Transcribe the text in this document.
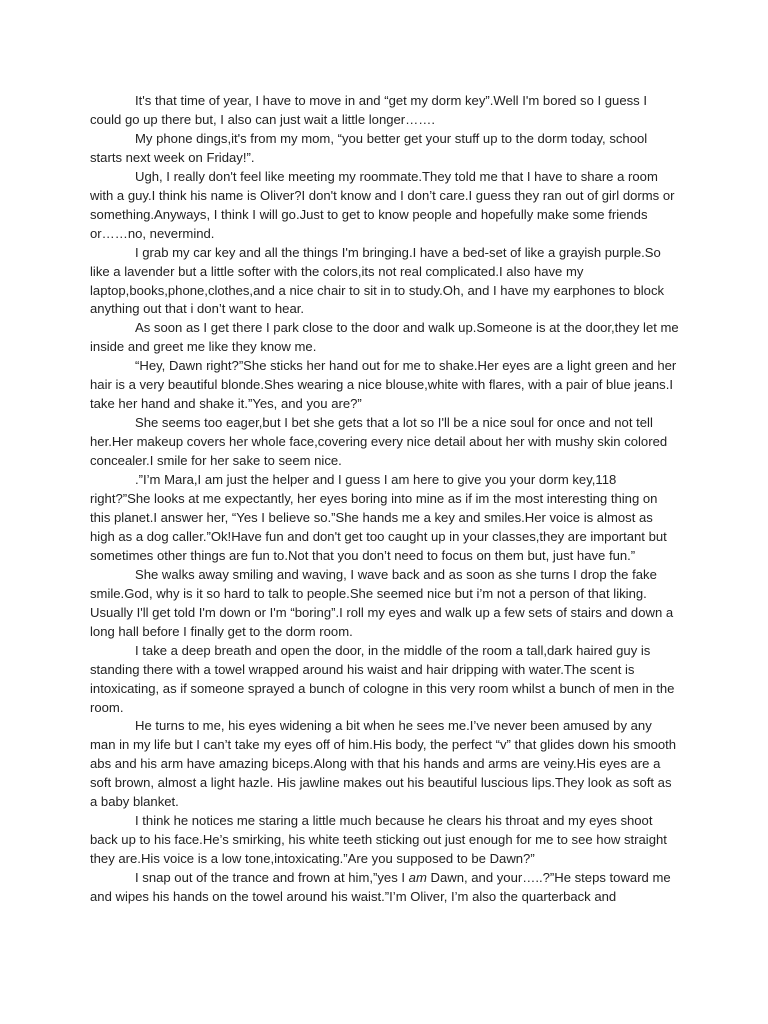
It's that time of year, I have to move in and “get my dorm key”.Well I'm bored so I guess I could go up there but, I also can just wait a little longer…….

My phone dings,it's from my mom, “you better get your stuff up to the dorm today, school starts next week on Friday!”.

Ugh, I really don't feel like meeting my roommate.They told me that I have to share a room with a guy.I think his name is Oliver?I don't know and I don’t care.I guess they ran out of girl dorms or something.Anyways, I think I will go.Just to get to know people and hopefully make some friends or……no, nevermind.

I grab my car key and all the things I'm bringing.I have a bed-set of like a grayish purple.So like a lavender but a little softer with the colors,its not real complicated.I also have my laptop,books,phone,clothes,and a nice chair to sit in to study.Oh, and I have my earphones to block anything out that i don’t want to hear.

As soon as I get there I park close to the door and walk up.Someone is at the door,they let me inside and greet me like they know me.

“Hey, Dawn right?”She sticks her hand out for me to shake.Her eyes are a light green and her hair is a very beautiful blonde.Shes wearing a nice blouse,white with flares, with a pair of blue jeans.I take her hand and shake it.”Yes, and you are?”

She seems too eager,but I bet she gets that a lot so I'll be a nice soul for once and not tell her.Her makeup covers her whole face,covering every nice detail about her with mushy skin colored concealer.I smile for her sake to seem nice.

.”I’m Mara,I am just the helper and I guess I am here to give you your dorm key,118 right?”She looks at me expectantly, her eyes boring into mine as if im the most interesting thing on this planet.I answer her, “Yes I believe so.”She hands me a key and smiles.Her voice is almost as high as a dog caller.”Ok!Have fun and don't get too caught up in your classes,they are important but sometimes other things are fun to.Not that you don’t need to focus on them but, just have fun.”

She walks away smiling and waving, I wave back and as soon as she turns I drop the fake smile.God, why is it so hard to talk to people.She seemed nice but i’m not a person of that liking. Usually I'll get told I'm down or I'm “boring”.I roll my eyes and walk up a few sets of stairs and down a long hall before I finally get to the dorm room.

I take a deep breath and open the door, in the middle of the room a tall,dark haired guy is standing there with a towel wrapped around his waist and hair dripping with water.The scent is intoxicating, as if someone sprayed a bunch of cologne in this very room whilst a bunch of men in the room.

He turns to me, his eyes widening a bit when he sees me.I’ve never been amused by any man in my life but I can’t take my eyes off of him.His body, the perfect “v” that glides down his smooth abs and his arm have amazing biceps.Along with that his hands and arms are veiny.His eyes are a soft brown, almost a light hazle. His jawline makes out his beautiful luscious lips.They look as soft as a baby blanket.

I think he notices me staring a little much because he clears his throat and my eyes shoot back up to his face.He’s smirking, his white teeth sticking out just enough for me to see how straight they are.His voice is a low tone,intoxicating.”Are you supposed to be Dawn?”

I snap out of the trance and frown at him,”yes I am Dawn, and your…..?”He steps toward me and wipes his hands on the towel around his waist.”I’m Oliver, I’m also the quarterback and
